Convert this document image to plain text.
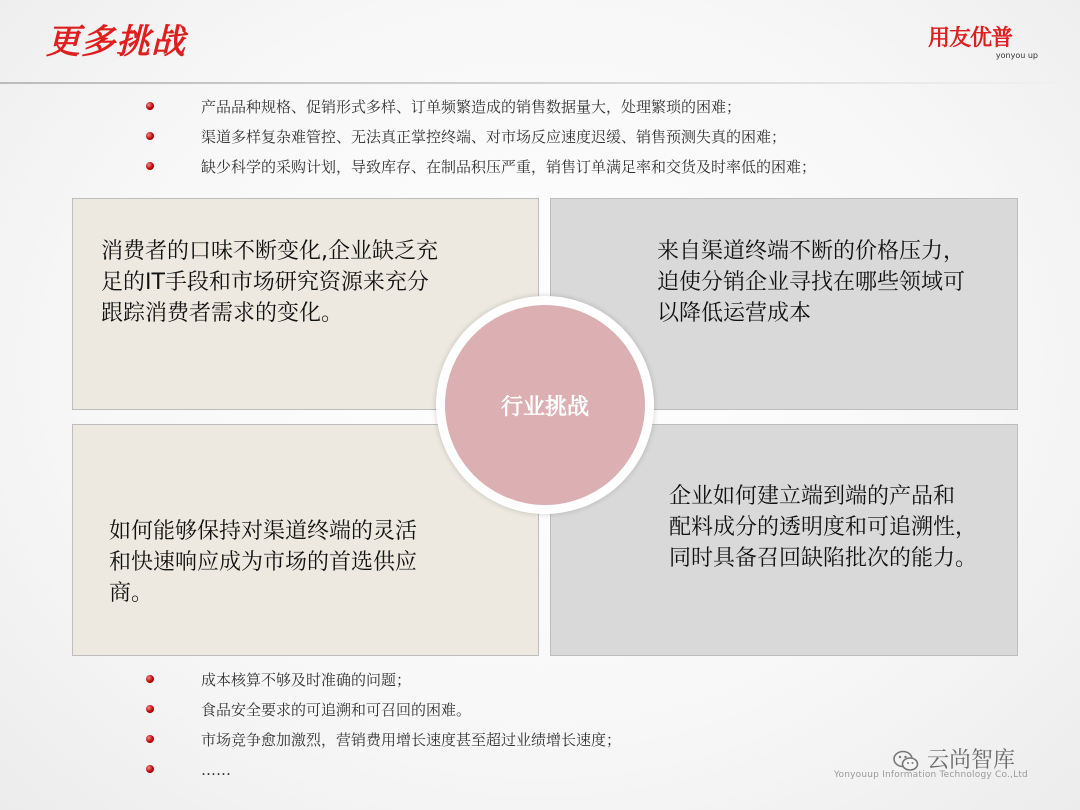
更多挑战	用友优普
yonyou up
产品品种规格、促销形式多样、订单频繁造成的销售数据量大，处理繁琐的困难；
渠道多样复杂难管控、无法真正掌控终端、对市场反应速度迟缓、销售预测失真的困难；
缺少科学的采购计划，导致库存、在制品积压严重，销售订单满足率和交货及时率低的困难；
消费者的口味不断变化,企业缺乏充
足的IT手段和市场研究资源来充分
跟踪消费者需求的变化。
来自渠道终端不断的价格压力，
迫使分销企业寻找在哪些领域可
以降低运营成本
如何能够保持对渠道终端的灵活
和快速响应成为市场的首选供应
商。
企业如何建立端到端的产品和
配料成分的透明度和可追溯性，
同时具备召回缺陷批次的能力。
行业挑战
成本核算不够及时准确的问题；
食品安全要求的可追溯和可召回的困难。
市场竞争愈加激烈，营销费用增长速度甚至超过业绩增长速度；
……	云尚智库
Yonyouup Information Technology Co.,Ltd
